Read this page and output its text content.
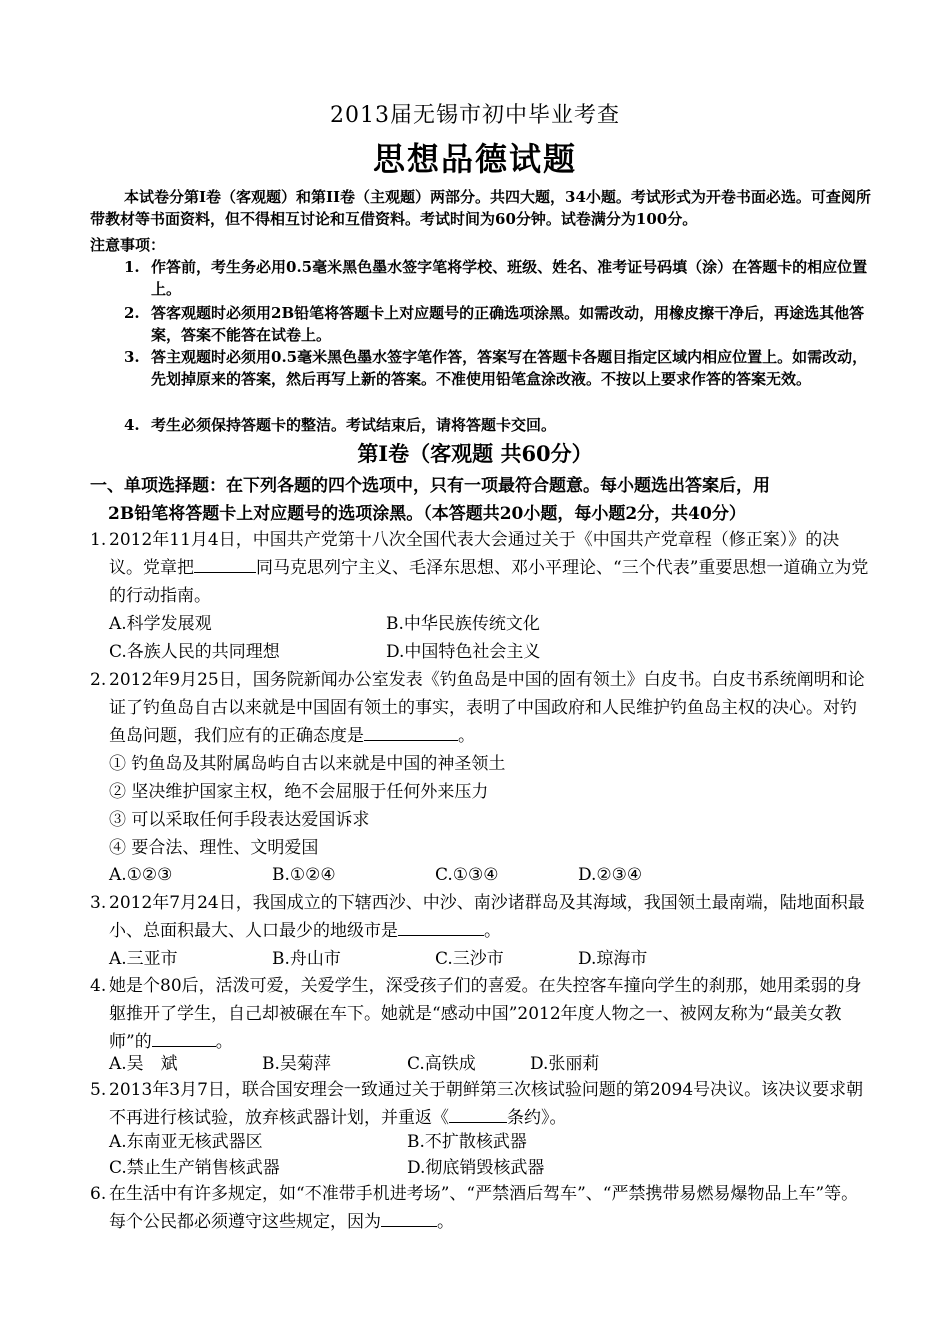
2013届无锡市初中毕业考查
思想品德试题
本试卷分第I卷（客观题）和第II卷（主观题）两部分。共四大题，34小题。考试形式为开卷书面必选。可查阅所带教材等书面资料，但不得相互讨论和互借资料。考试时间为60分钟。试卷满分为100分。
注意事项：
1. 作答前，考生务必用0.5毫米黑色墨水签字笔将学校、班级、姓名、准考证号码填（涂）在答题卡的相应位置上。
2. 答客观题时必须用2B铅笔将答题卡上对应题号的正确选项涂黑。如需改动，用橡皮擦干净后，再途选其他答案，答案不能答在试卷上。
3. 答主观题时必须用0.5毫米黑色墨水签字笔作答，答案写在答题卡各题目指定区域内相应位置上。如需改动，先划掉原来的答案，然后再写上新的答案。不准使用铅笔盒涂改液。不按以上要求作答的答案无效。
4. 考生必须保持答题卡的整洁。考试结束后，请将答题卡交回。
第I卷（客观题 共60分）
一、单项选择题：在下列各题的四个选项中，只有一项最符合题意。每小题选出答案后，用
2B铅笔将答题卡上对应题号的选项涂黑。（本答题共20小题，每小题2分，共40分）
1. 2012年11月4日，中国共产党第十八次全国代表大会通过关于《中国共产党章程（修正案）》的决议。党章把	同马克思列宁主义、毛泽东思想、邓小平理论、“三个代表”重要思想一道确立为党的行动指南。
A.科学发展观	B.中华民族传统文化
C.各族人民的共同理想	D.中国特色社会主义
2. 2012年9月25日，国务院新闻办公室发表《钓鱼岛是中国的固有领土》白皮书。白皮书系统阐明和论证了钓鱼岛自古以来就是中国固有领土的事实，表明了中国政府和人民维护钓鱼岛主权的决心。对钓鱼岛问题，我们应有的正确态度是	。
① 钓鱼岛及其附属岛屿自古以来就是中国的神圣领土
② 坚决维护国家主权，绝不会屈服于任何外来压力
③ 可以采取任何手段表达爱国诉求
④ 要合法、理性、文明爱国
A.①②③	B.①②④	C.①③④	D.②③④
3. 2012年7月24日，我国成立的下辖西沙、中沙、南沙诸群岛及其海域，我国领土最南端，陆地面积最小、总面积最大、人口最少的地级市是	。
A.三亚市	B.舟山市	C.三沙市	D.琼海市
4. 她是个80后，活泼可爱，关爱学生，深受孩子们的喜爱。在失控客车撞向学生的刹那，她用柔弱的身躯推开了学生，自己却被碾在车下。她就是“感动中国”2012年度人物之一、被网友称为“最美女教师”的	。
A.吴　斌	B.吴菊萍	C.高铁成	D.张丽莉
5. 2013年3月7日，联合国安理会一致通过关于朝鲜第三次核试验问题的第2094号决议。该决议要求朝不再进行核试验，放弃核武器计划，并重返《	条约》。
A.东南亚无核武器区	B.不扩散核武器
C.禁止生产销售核武器	D.彻底销毁核武器
6. 在生活中有许多规定，如“不准带手机进考场”、“严禁酒后驾车”、“严禁携带易燃易爆物品上车”等。每个公民都必须遵守这些规定，因为	。
